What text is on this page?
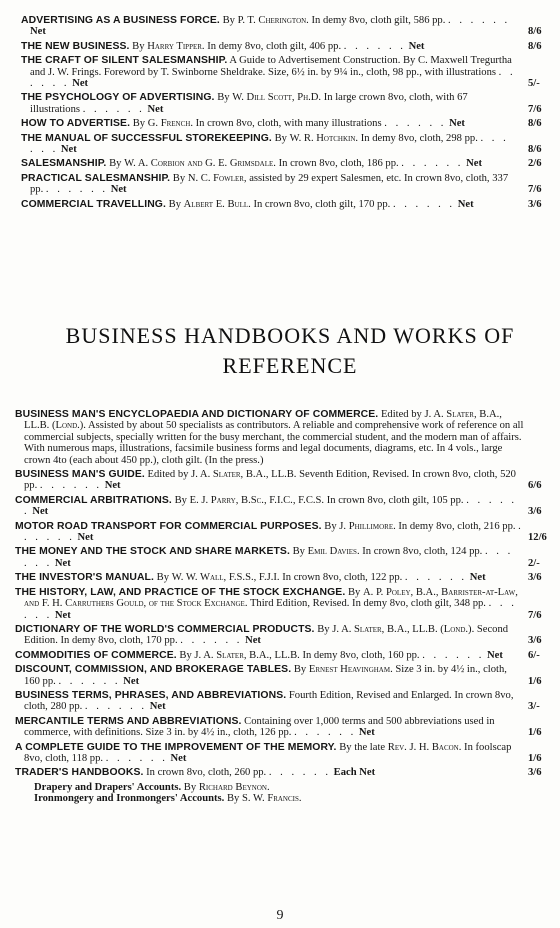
ADVERTISING AS A BUSINESS FORCE. By P. T. Cherington. In demy 8vo, cloth gilt, 586 pp. . . . . . . Net	8/6
THE NEW BUSINESS. By Harry Tipper. In demy 8vo, cloth gilt, 406 pp. . . . . . . Net	8/6
THE CRAFT OF SILENT SALESMANSHIP. A Guide to Advertisement Construction. By C. Maxwell Tregurtha and J. W. Frings. Foreword by T. Swinborne Sheldrake. Size, 6½ in. by 9¼ in., cloth, 98 pp., with illustrations . . . . . . Net	5/-
THE PSYCHOLOGY OF ADVERTISING. By W. Dill Scott, Ph.D. In large crown 8vo, cloth, with 67 illustrations . . . . . . Net	7/6
HOW TO ADVERTISE. By G. French. In crown 8vo, cloth, with many illustrations . . . . . . Net	8/6
THE MANUAL OF SUCCESSFUL STOREKEEPING. By W. R. Hotchkin. In demy 8vo, cloth, 298 pp. . . . . . . Net	8/6
SALESMANSHIP. By W. A. Corbion and G. E. Grimsdale. In crown 8vo, cloth, 186 pp. . . . . . . Net	2/6
PRACTICAL SALESMANSHIP. By N. C. Fowler, assisted by 29 expert Salesmen, etc. In crown 8vo, cloth, 337 pp. . . . . . . Net	7/6
COMMERCIAL TRAVELLING. By Albert E. Bull. In crown 8vo, cloth gilt, 170 pp. . . . . . . Net	3/6
BUSINESS HANDBOOKS AND WORKS OF REFERENCE
BUSINESS MAN'S ENCYCLOPAEDIA AND DICTIONARY OF COMMERCE. Edited by J. A. Slater, B.A., LL.B. (Lond.). Assisted by about 50 specialists as contributors. A reliable and comprehensive work of reference on all commercial subjects, specially written for the busy merchant, the commercial student, and the modern man of affairs. With numerous maps, illustrations, facsimile business forms and legal documents, diagrams, etc. In 4 vols., large crown 4to (each about 450 pp.), cloth gilt. (In the press.)
BUSINESS MAN'S GUIDE. Edited by J. A. Slater, B.A., LL.B. Seventh Edition, Revised. In crown 8vo, cloth, 520 pp. . . . . . . Net	6/6
COMMERCIAL ARBITRATIONS. By E. J. Parry, B.Sc., F.I.C., F.C.S. In crown 8vo, cloth gilt, 105 pp. . . . . . . Net	3/6
MOTOR ROAD TRANSPORT FOR COMMERCIAL PURPOSES. By J. Phillimore. In demy 8vo, cloth, 216 pp. . . . . . . Net	12/6
THE MONEY AND THE STOCK AND SHARE MARKETS. By Emil Davies. In crown 8vo, cloth, 124 pp. . . . . . . Net	2/-
THE INVESTOR'S MANUAL. By W. W. Wall, F.S.S., F.J.I. In crown 8vo, cloth, 122 pp. . . . . . . Net	3/6
THE HISTORY, LAW, AND PRACTICE OF THE STOCK EXCHANGE. By A. P. Poley, B.A., Barrister-at-Law, and F. H. Carruthers Gould, of the Stock Exchange. Third Edition, Revised. In demy 8vo, cloth gilt, 348 pp. . . . . . . Net	7/6
DICTIONARY OF THE WORLD'S COMMERCIAL PRODUCTS. By J. A. Slater, B.A., LL.B. (Lond.). Second Edition. In demy 8vo, cloth, 170 pp. . . . . . . Net	3/6
COMMODITIES OF COMMERCE. By J. A. Slater, B.A., LL.B. In demy 8vo, cloth, 160 pp. . . . . . . Net 6/-
DISCOUNT, COMMISSION, AND BROKERAGE TABLES. By Ernest Heavingham. Size 3 in. by 4½ in., cloth, 160 pp. . . . . . . Net	1/6
BUSINESS TERMS, PHRASES, AND ABBREVIATIONS. Fourth Edition, Revised and Enlarged. In crown 8vo, cloth, 280 pp. . . . . . . Net	3/-
MERCANTILE TERMS AND ABBREVIATIONS. Containing over 1,000 terms and 500 abbreviations used in commerce, with definitions. Size 3 in. by 4½ in., cloth, 126 pp. . . . . . . Net	1/6
A COMPLETE GUIDE TO THE IMPROVEMENT OF THE MEMORY. By the late Rev. J. H. Bacon. In foolscap 8vo, cloth, 118 pp. . . . . . . Net	1/6
TRADER'S HANDBOOKS. In crown 8vo, cloth, 260 pp. . . . . . . Each Net	3/6
Drapery and Drapers' Accounts. By Richard Beynon.
Ironmongery and Ironmongers' Accounts. By S. W. Francis.
9
